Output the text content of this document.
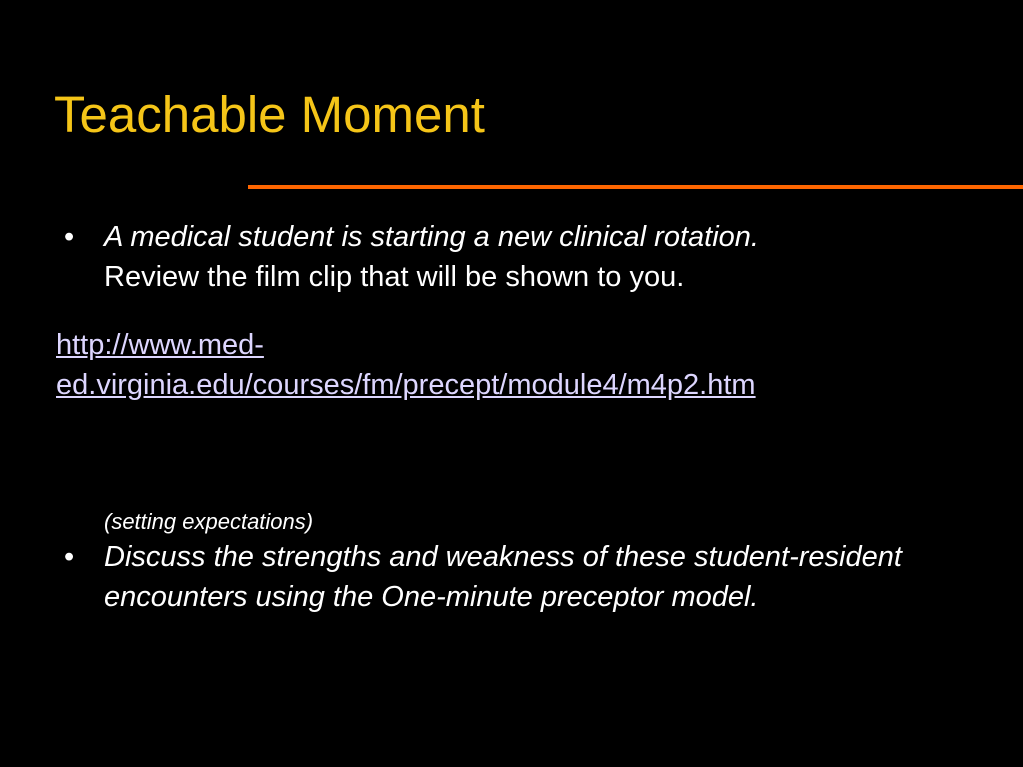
Teachable Moment
•	A medical student is starting a new clinical rotation.
Review the film clip that will be shown to you.
http://www.med-
ed.virginia.edu/courses/fm/precept/module4/m4p2.htm
(setting expectations)
•	Discuss the strengths and weakness of these student-resident encounters using the One-minute preceptor model.
